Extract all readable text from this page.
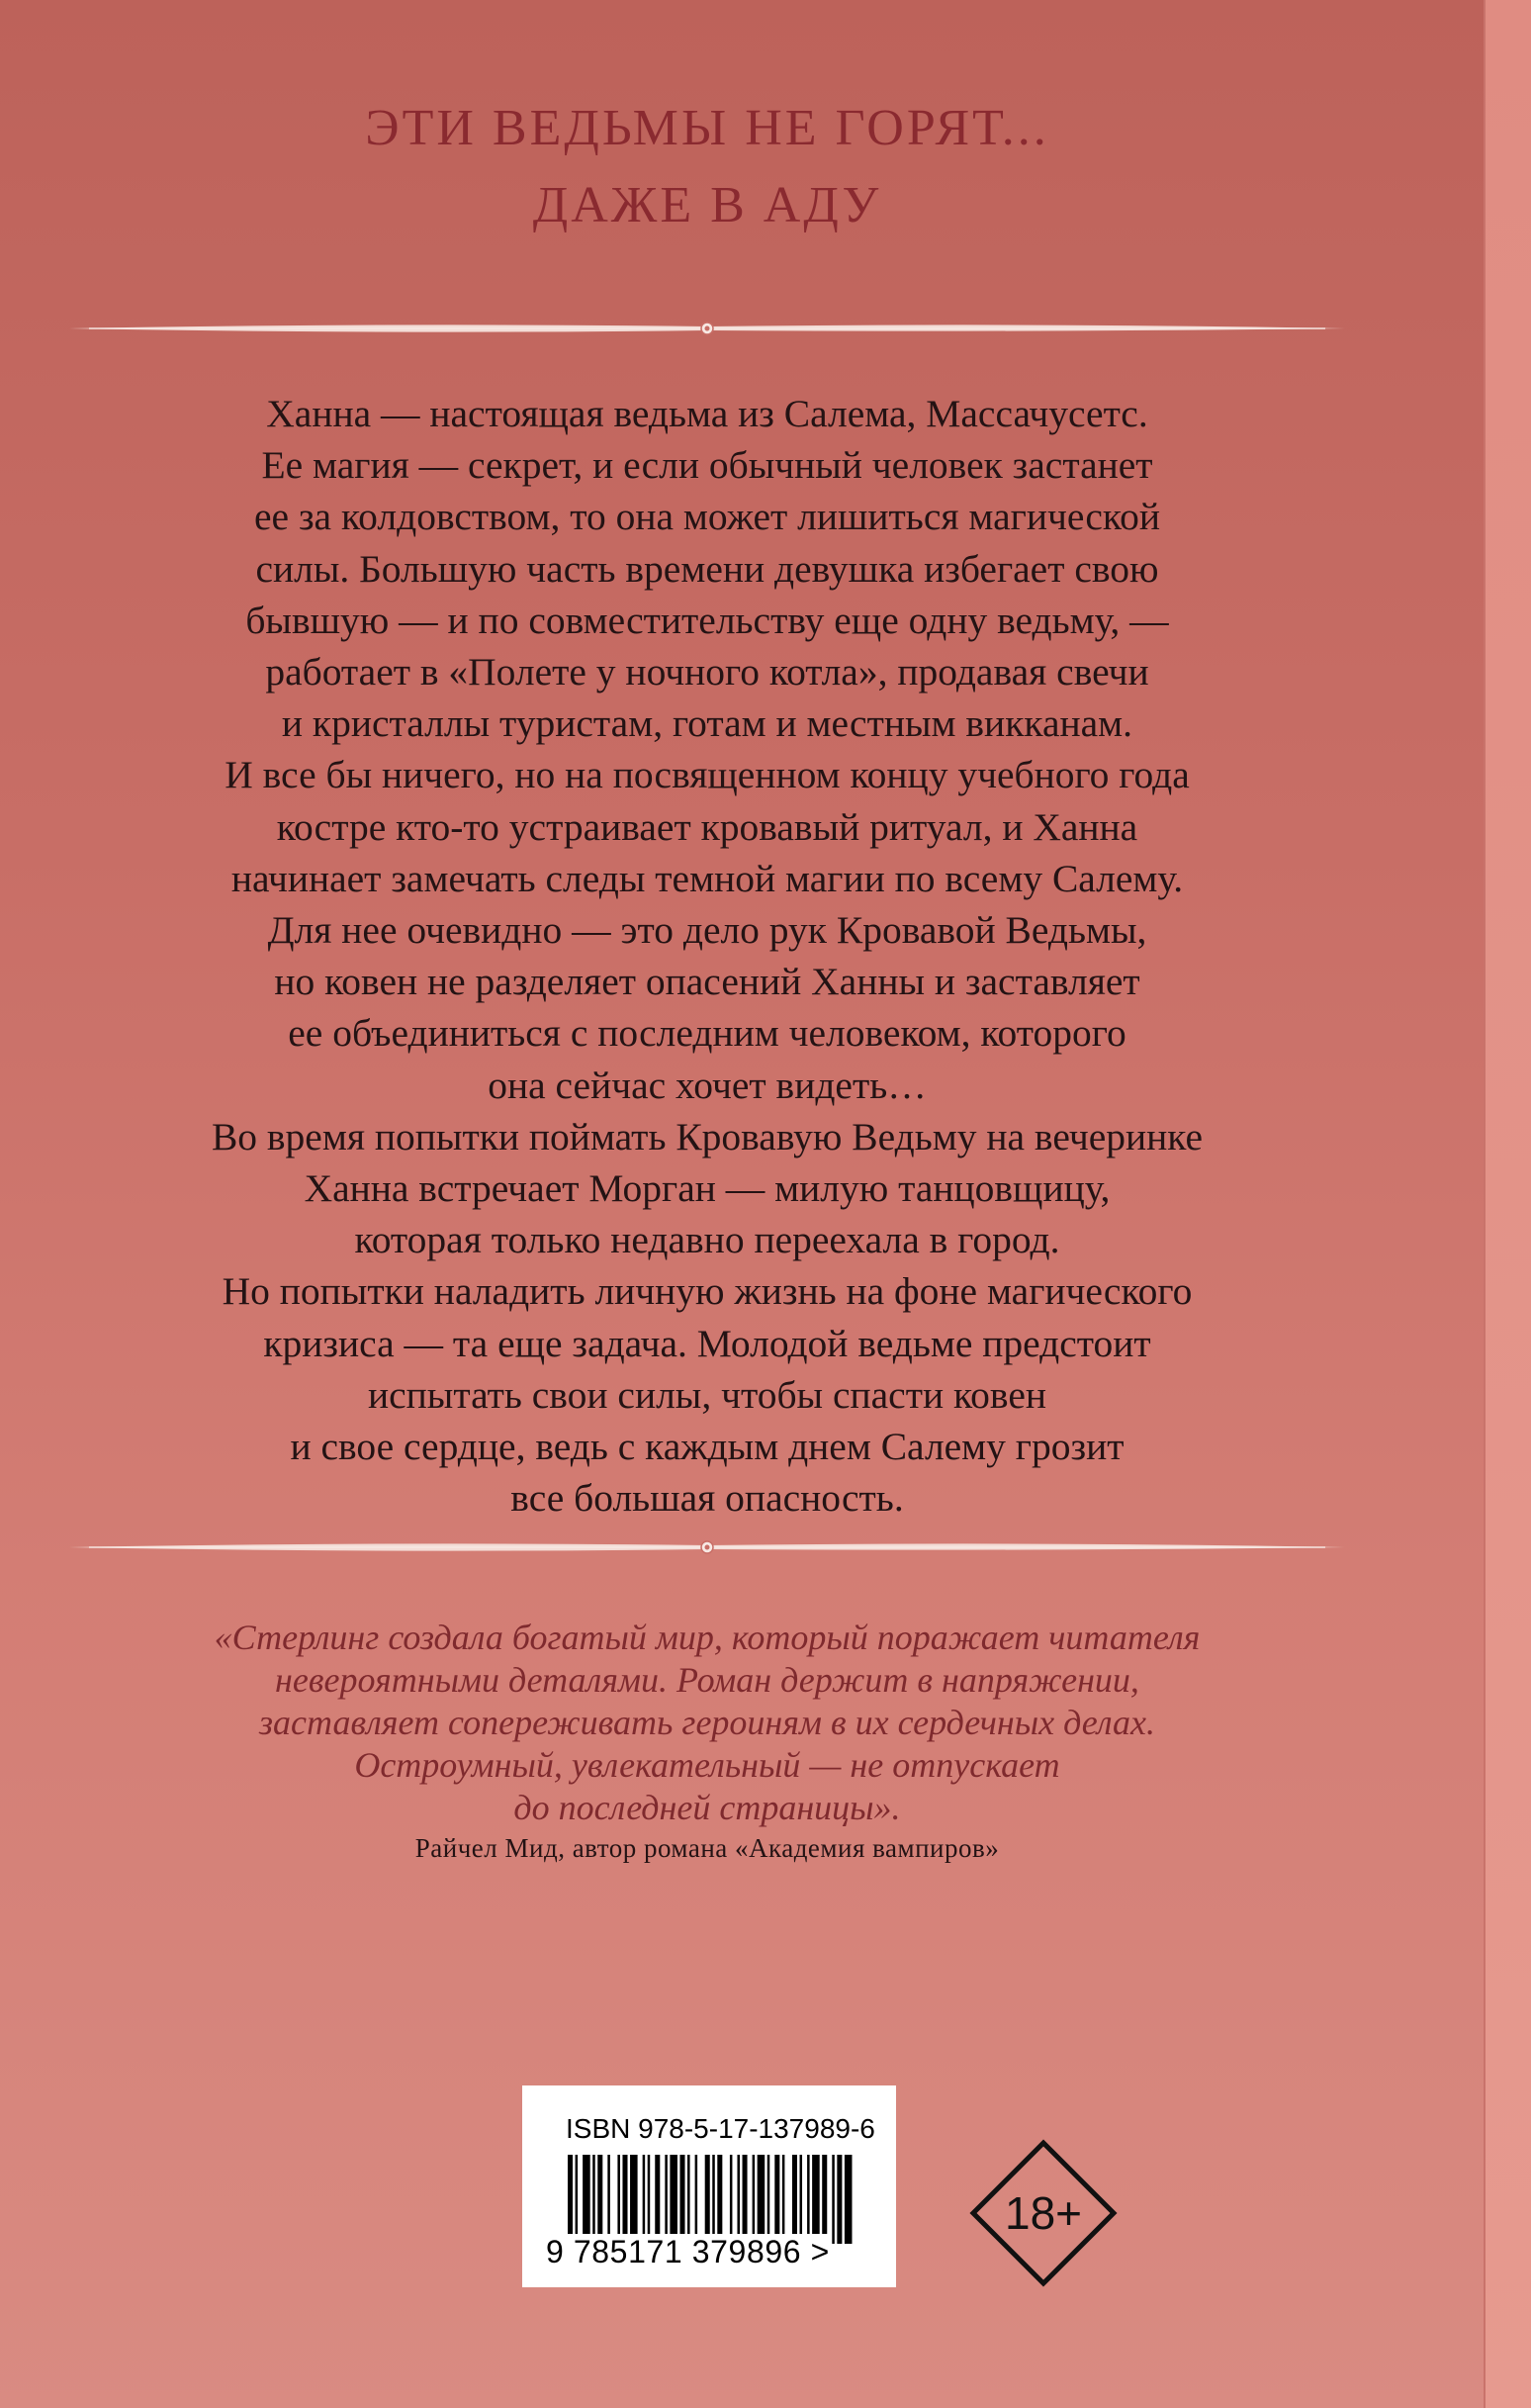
ЭТИ ВЕДЬМЫ НЕ ГОРЯТ...
ДАЖЕ В АДУ
Ханна — настоящая ведьма из Салема, Массачусетс.
Ее магия — секрет, и если обычный человек застанет
ее за колдовством, то она может лишиться магической
силы. Большую часть времени девушка избегает свою
бывшую — и по совместительству еще одну ведьму, —
работает в «Полете у ночного котла», продавая свечи
и кристаллы туристам, готам и местным викканам.
И все бы ничего, но на посвященном концу учебного года
костре кто-то устраивает кровавый ритуал, и Ханна
начинает замечать следы темной магии по всему Салему.
Для нее очевидно — это дело рук Кровавой Ведьмы,
но ковен не разделяет опасений Ханны и заставляет
ее объединиться с последним человеком, которого
она сейчас хочет видеть…
Во время попытки поймать Кровавую Ведьму на вечеринке
Ханна встречает Морган — милую танцовщицу,
которая только недавно переехала в город.
Но попытки наладить личную жизнь на фоне магического
кризиса — та еще задача. Молодой ведьме предстоит
испытать свои силы, чтобы спасти ковен
и свое сердце, ведь с каждым днем Салему грозит
все большая опасность.
«Стерлинг создала богатый мир, который поражает читателя
невероятными деталями. Роман держит в напряжении,
заставляет сопереживать героиням в их сердечных делах.
Остроумный, увлекательный — не отпускает
до последней страницы».
Райчел Мид, автор романа «Академия вампиров»
ISBN 978-5-17-137989-6
9 785171 379896 >
18+
